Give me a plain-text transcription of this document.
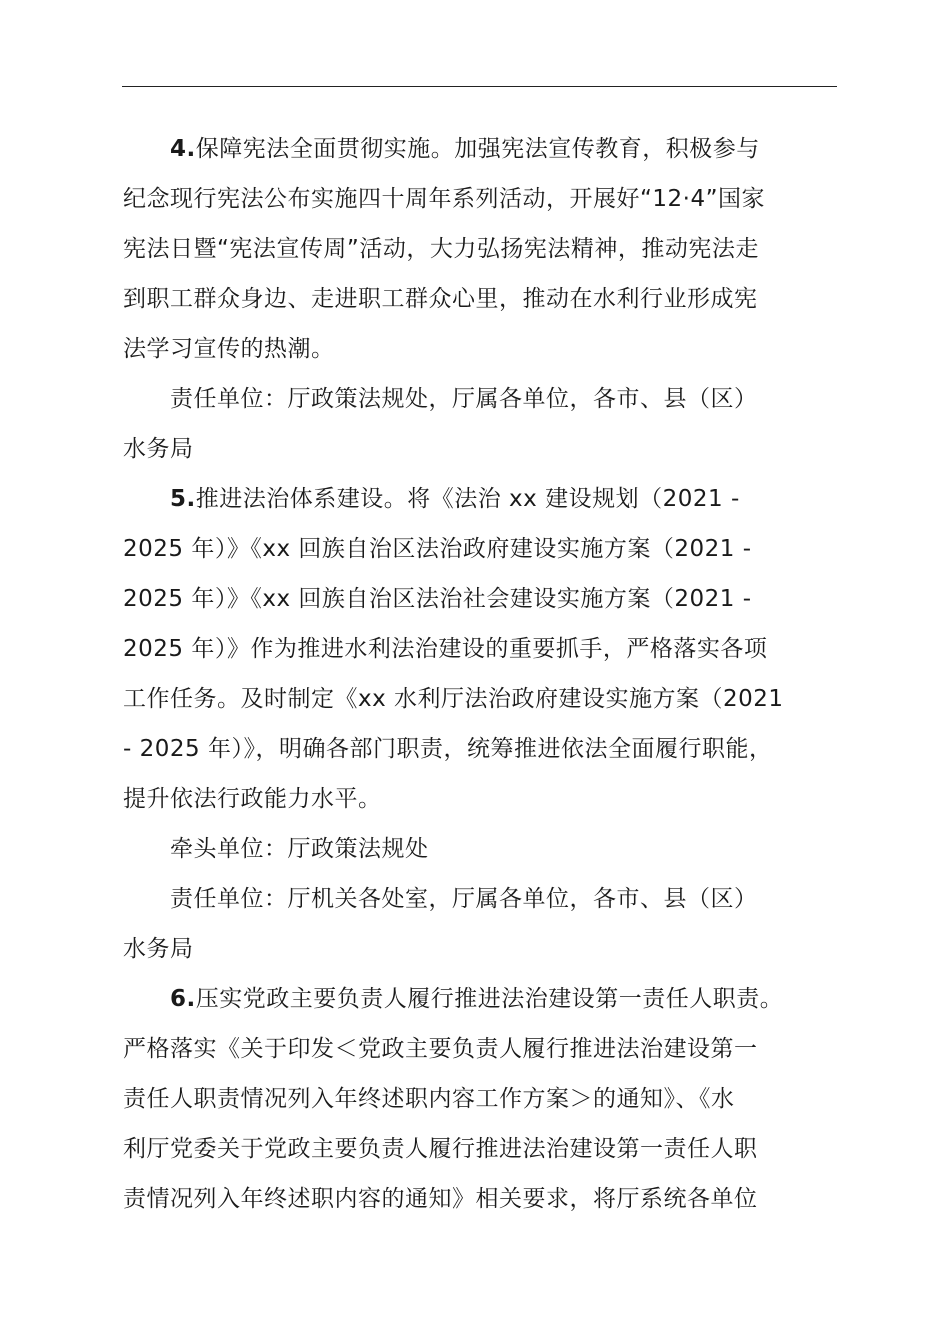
4.保障宪法全面贯彻实施。加强宪法宣传教育，积极参与
纪念现行宪法公布实施四十周年系列活动，开展好“12·4”国家
宪法日暨“宪法宣传周”活动，大力弘扬宪法精神，推动宪法走
到职工群众身边、走进职工群众心里，推动在水利行业形成宪
法学习宣传的热潮。
责任单位：厅政策法规处，厅属各单位，各市、县（区）
水务局
5.推进法治体系建设。将《法治 xx 建设规划（2021 -
2025 年）》《xx 回族自治区法治政府建设实施方案（2021 -
2025 年）》《xx 回族自治区法治社会建设实施方案（2021 -
2025 年）》作为推进水利法治建设的重要抓手，严格落实各项
工作任务。及时制定《xx 水利厅法治政府建设实施方案（2021
- 2025 年）》，明确各部门职责，统筹推进依法全面履行职能，
提升依法行政能力水平。
牵头单位：厅政策法规处
责任单位：厅机关各处室，厅属各单位，各市、县（区）
水务局
6.压实党政主要负责人履行推进法治建设第一责任人职责。
严格落实《关于印发＜党政主要负责人履行推进法治建设第一
责任人职责情况列入年终述职内容工作方案＞的通知》、《水
利厅党委关于党政主要负责人履行推进法治建设第一责任人职
责情况列入年终述职内容的通知》相关要求，将厅系统各单位
